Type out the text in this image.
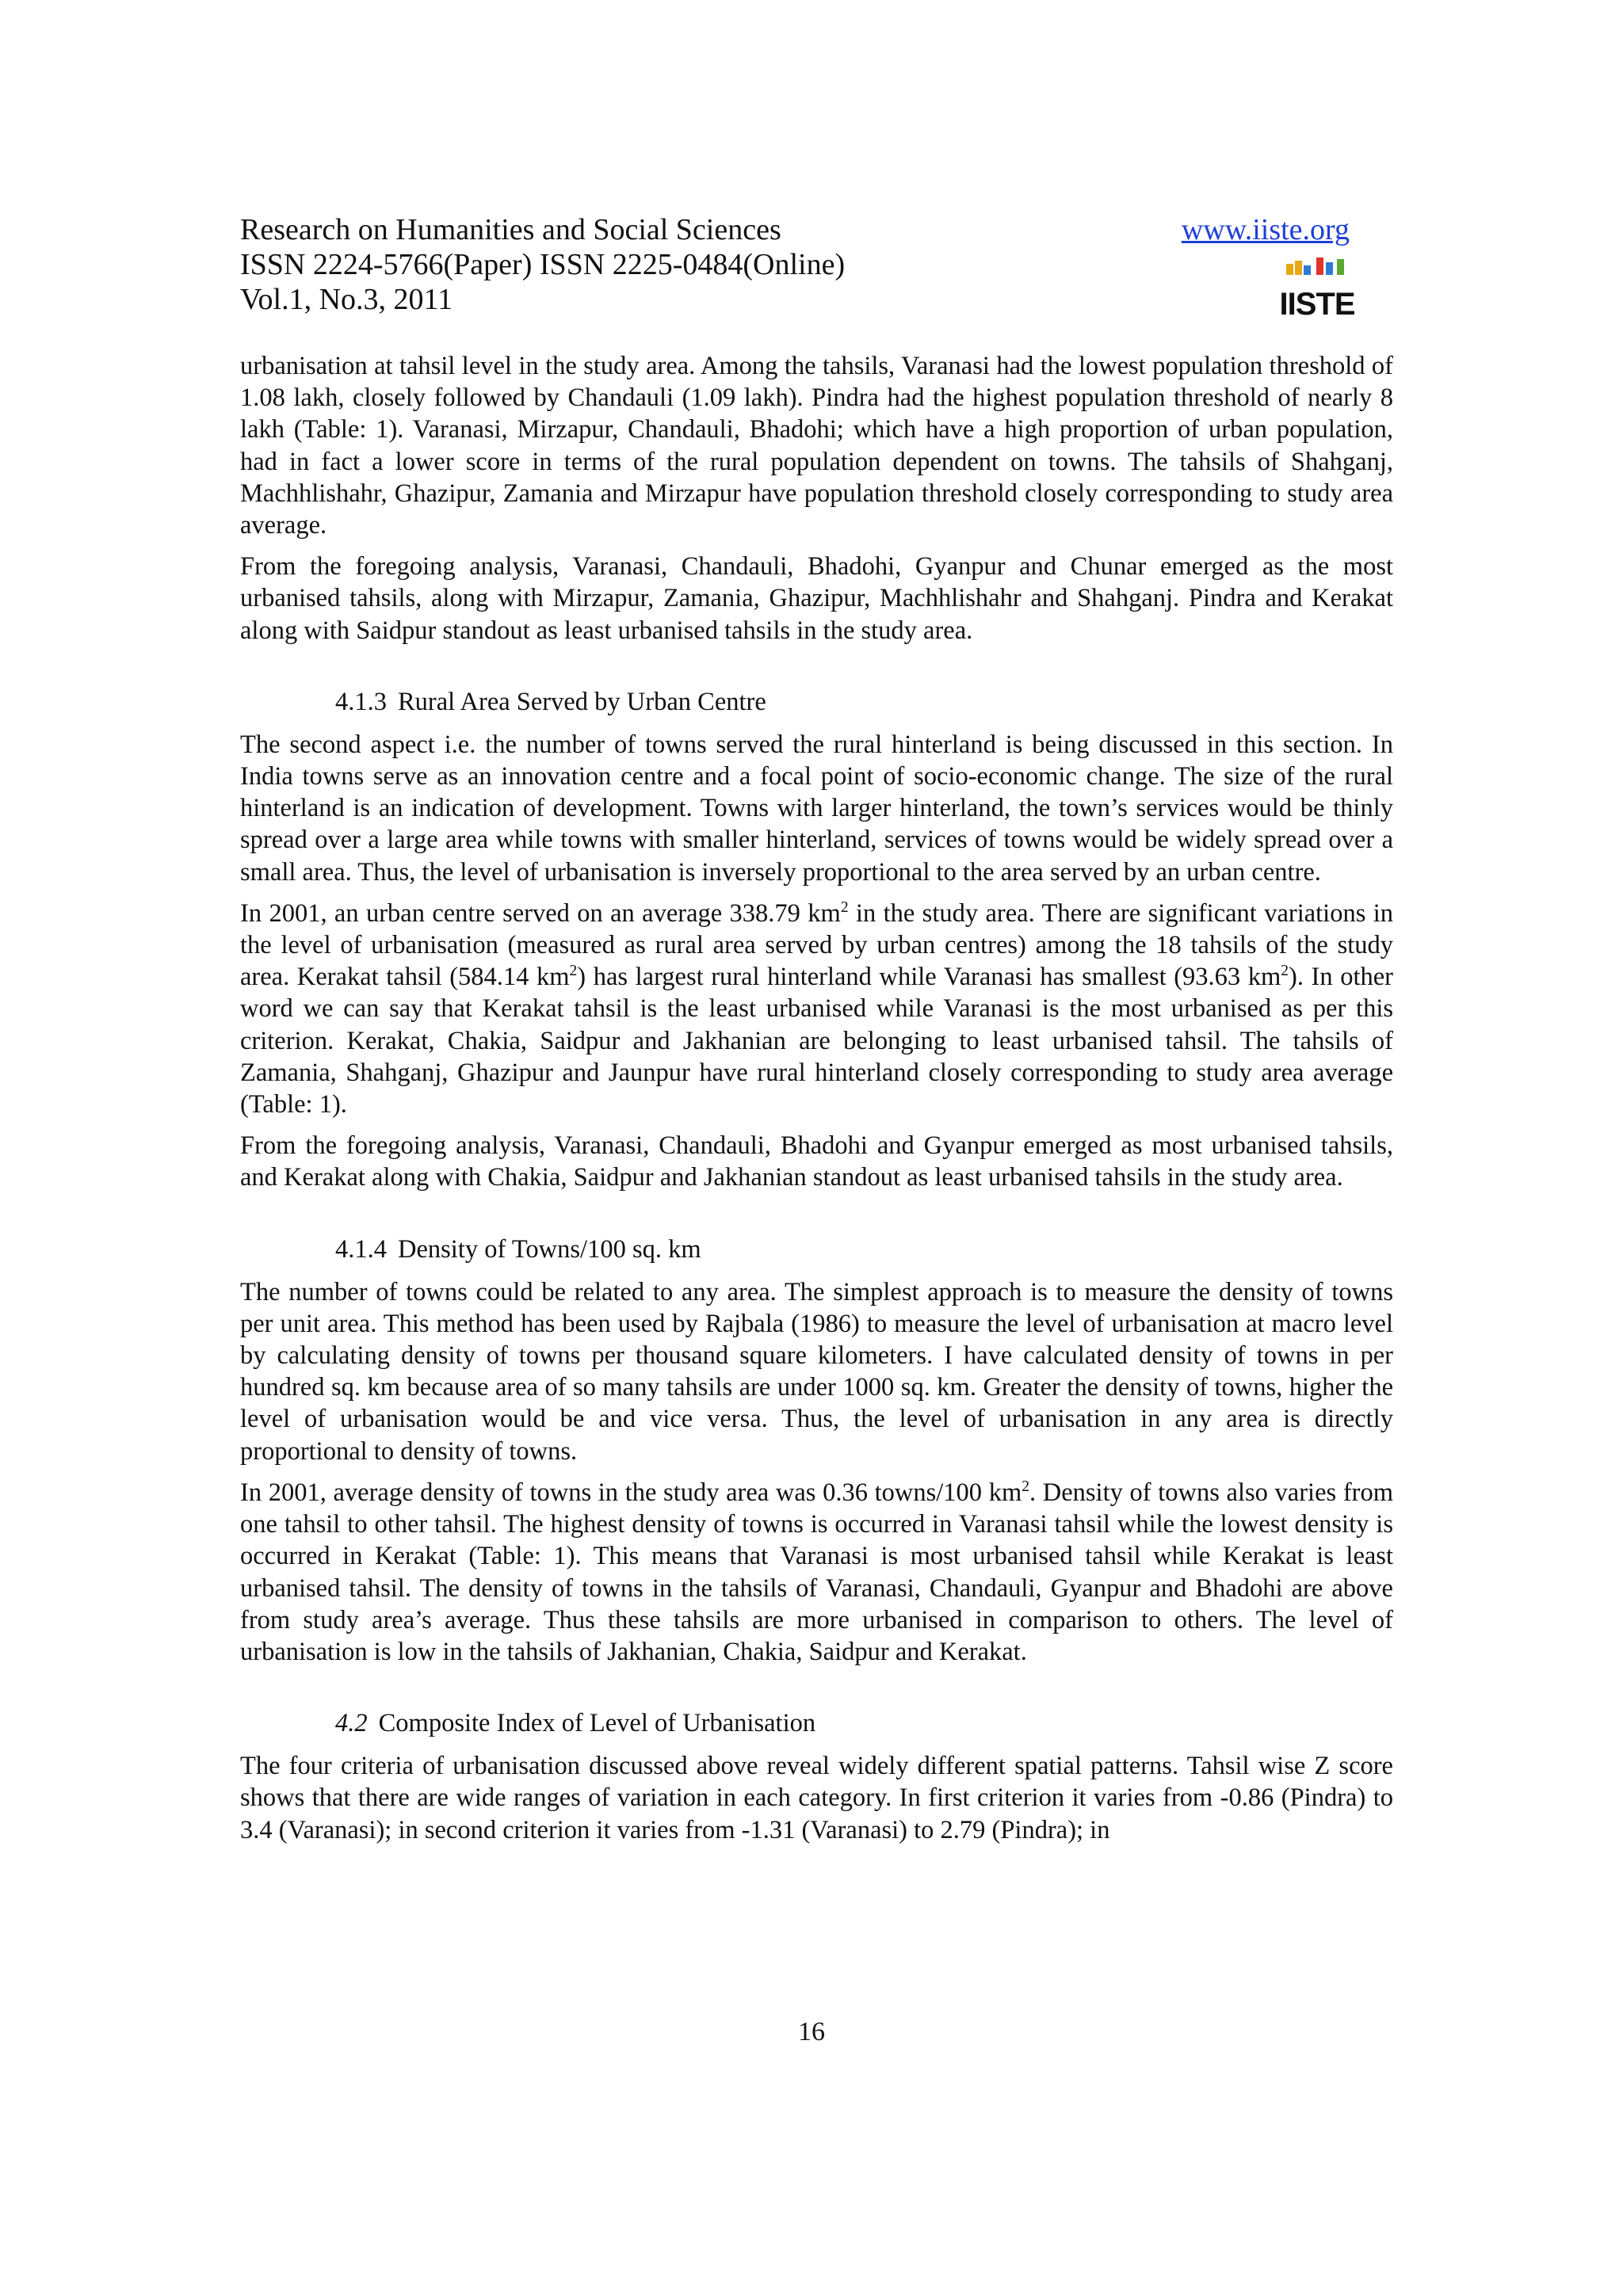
Research on Humanities and Social Sciences
ISSN 2224-5766(Paper) ISSN 2225-0484(Online)
Vol.1, No.3, 2011
www.iiste.org
IISTE

urbanisation at tahsil level in the study area. Among the tahsils, Varanasi had the lowest population threshold of 1.08 lakh, closely followed by Chandauli (1.09 lakh). Pindra had the highest population threshold of nearly 8 lakh (Table: 1). Varanasi, Mirzapur, Chandauli, Bhadohi; which have a high proportion of urban population, had in fact a lower score in terms of the rural population dependent on towns. The tahsils of Shahganj, Machhlishahr, Ghazipur, Zamania and Mirzapur have population threshold closely corresponding to study area average.

From the foregoing analysis, Varanasi, Chandauli, Bhadohi, Gyanpur and Chunar emerged as the most urbanised tahsils, along with Mirzapur, Zamania, Ghazipur, Machhlishahr and Shahganj. Pindra and Kerakat along with Saidpur standout as least urbanised tahsils in the study area.

4.1.3 Rural Area Served by Urban Centre

The second aspect i.e. the number of towns served the rural hinterland is being discussed in this section. In India towns serve as an innovation centre and a focal point of socio-economic change. The size of the rural hinterland is an indication of development. Towns with larger hinterland, the town’s services would be thinly spread over a large area while towns with smaller hinterland, services of towns would be widely spread over a small area. Thus, the level of urbanisation is inversely proportional to the area served by an urban centre.

In 2001, an urban centre served on an average 338.79 $km^2$ in the study area. There are significant variations in the level of urbanisation (measured as rural area served by urban centres) among the 18 tahsils of the study area. Kerakat tahsil (584.14 $km^2$) has largest rural hinterland while Varanasi has smallest (93.63 $km^2$). In other word we can say that Kerakat tahsil is the least urbanised while Varanasi is the most urbanised as per this criterion. Kerakat, Chakia, Saidpur and Jakhanian are belonging to least urbanised tahsil. The tahsils of Zamania, Shahganj, Ghazipur and Jaunpur have rural hinterland closely corresponding to study area average (Table: 1).

From the foregoing analysis, Varanasi, Chandauli, Bhadohi and Gyanpur emerged as most urbanised tahsils, and Kerakat along with Chakia, Saidpur and Jakhanian standout as least urbanised tahsils in the study area.

4.1.4 Density of Towns/100 sq. km

The number of towns could be related to any area. The simplest approach is to measure the density of towns per unit area. This method has been used by Rajbala (1986) to measure the level of urbanisation at macro level by calculating density of towns per thousand square kilometers. I have calculated density of towns in per hundred sq. km because area of so many tahsils are under 1000 sq. km. Greater the density of towns, higher the level of urbanisation would be and vice versa. Thus, the level of urbanisation in any area is directly proportional to density of towns.

In 2001, average density of towns in the study area was 0.36 towns/100 $km^2$. Density of towns also varies from one tahsil to other tahsil. The highest density of towns is occurred in Varanasi tahsil while the lowest density is occurred in Kerakat (Table: 1). This means that Varanasi is most urbanised tahsil while Kerakat is least urbanised tahsil. The density of towns in the tahsils of Varanasi, Chandauli, Gyanpur and Bhadohi are above from study area’s average. Thus these tahsils are more urbanised in comparison to others. The level of urbanisation is low in the tahsils of Jakhanian, Chakia, Saidpur and Kerakat.

4.2 Composite Index of Level of Urbanisation

The four criteria of urbanisation discussed above reveal widely different spatial patterns. Tahsil wise Z score shows that there are wide ranges of variation in each category. In first criterion it varies from -0.86 (Pindra) to 3.4 (Varanasi); in second criterion it varies from -1.31 (Varanasi) to 2.79 (Pindra); in

16
